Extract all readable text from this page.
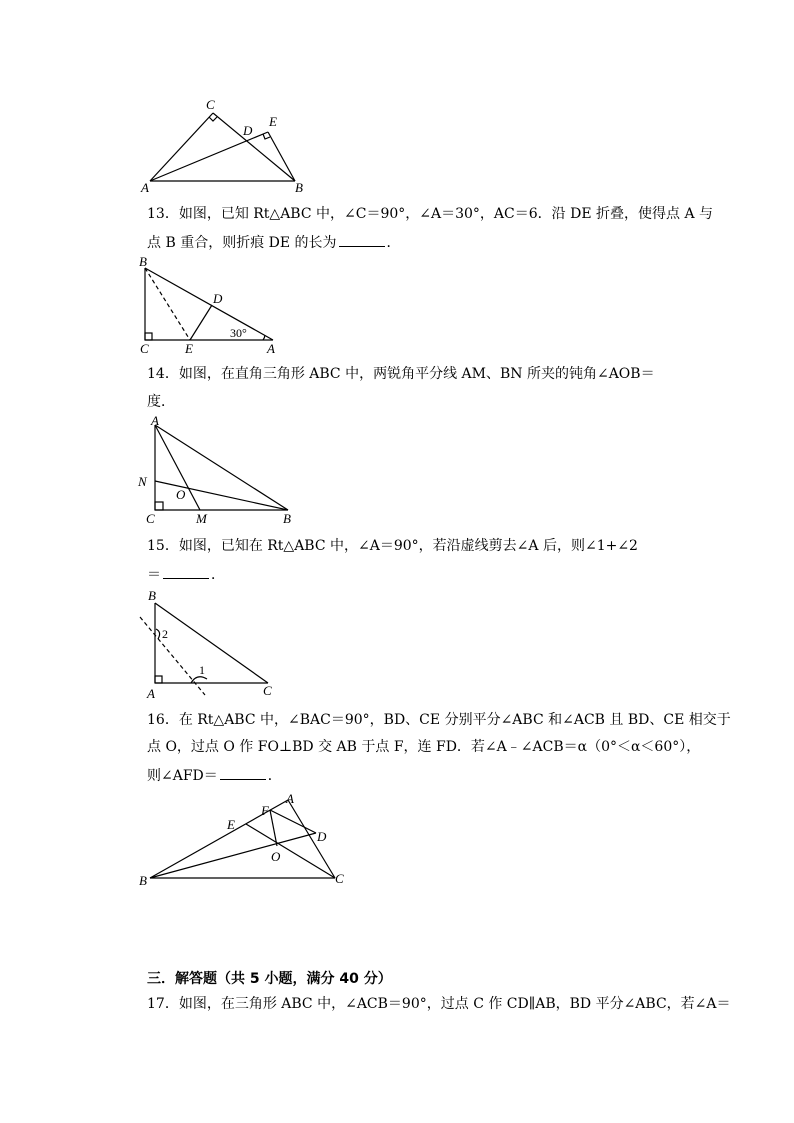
C
D
E
A	B
13．如图，已知 Rt△ABC 中，∠C＝90°，∠A＝30°，AC＝6．沿 DE 折叠，使得点 A 与
点 B 重合，则折痕 DE 的长为	．
B
D
C	E	A
30°
14．如图，在直角三角形 ABC 中，两锐角平分线 AM、BN 所夹的钝角∠AOB＝
度．
A
N
O
C	M	B
15．如图，已知在 Rt△ABC 中，∠A＝90°，若沿虚线剪去∠A 后，则∠1+∠2
＝	．
B
2
1
A	C
16．在 Rt△ABC 中，∠BAC＝90°，BD、CE 分别平分∠ABC 和∠ACB 且 BD、CE 相交于
点 O，过点 O 作 FO⊥BD 交 AB 于点 F，连 FD．若∠A﹣∠ACB＝α（0°＜α＜60°），
则∠AFD＝	．
F
A
E
D
O
B	C
三．解答题（共 5 小题，满分 40 分）
17．如图，在三角形 ABC 中，∠ACB＝90°，过点 C 作 CD∥AB，BD 平分∠ABC，若∠A＝
